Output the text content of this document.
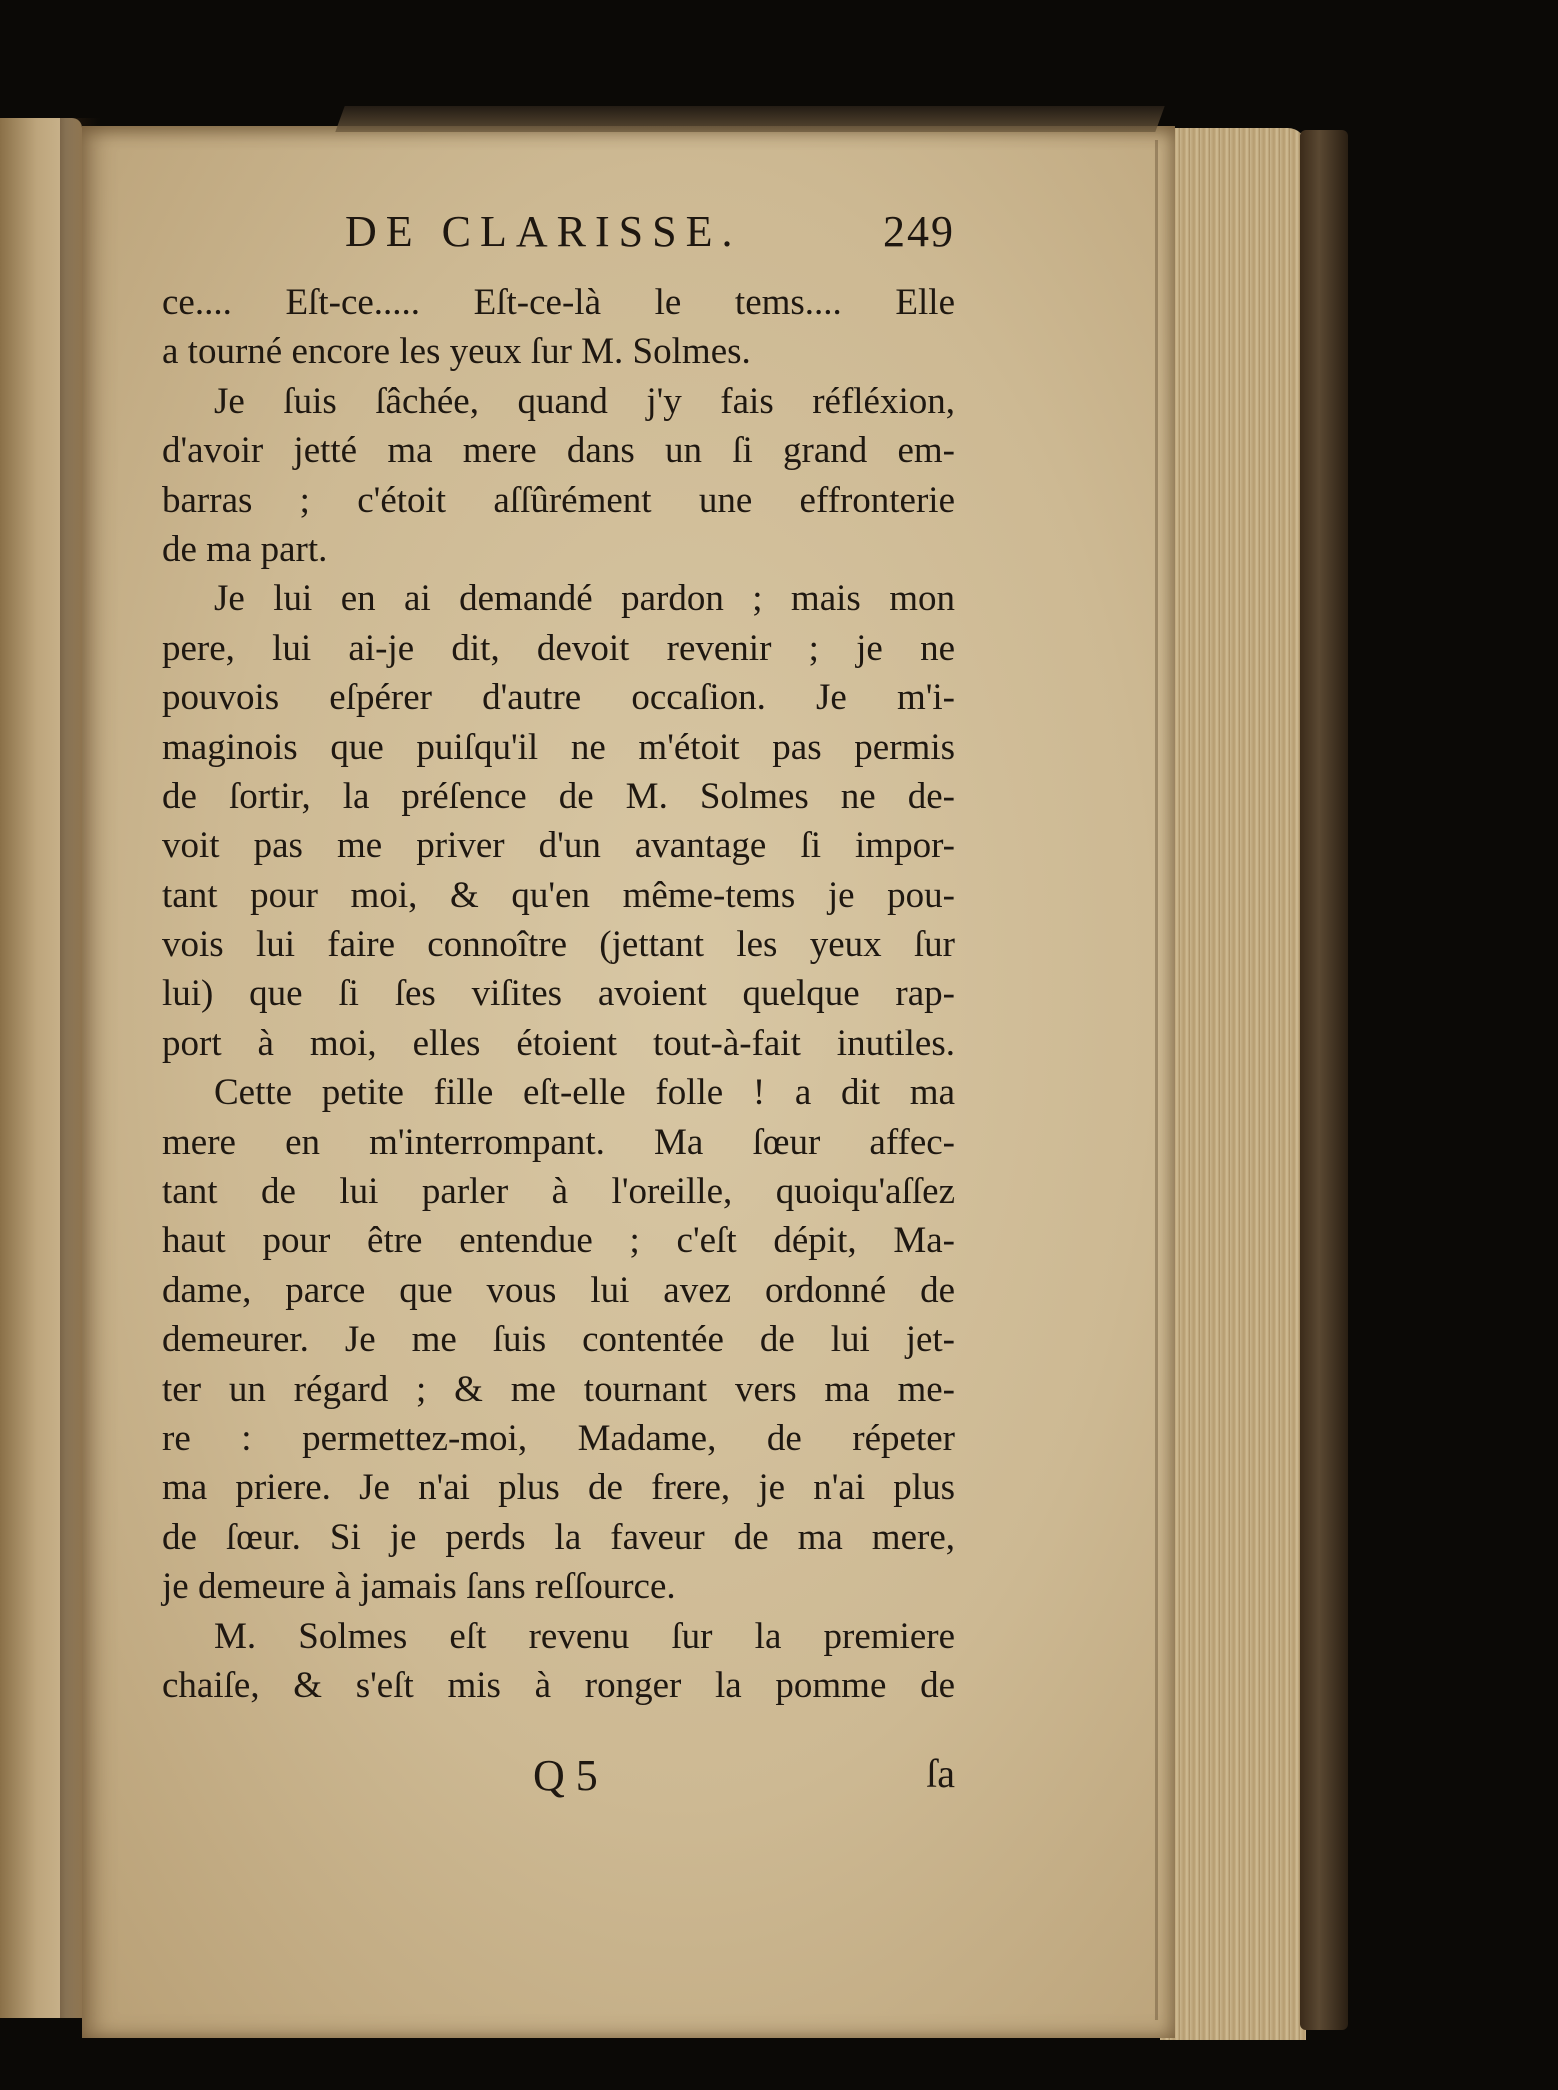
DE CLARISSE.	249
ce.... Eſt-ce..... Eſt-ce-là le tems.... Elle
a tourné encore les yeux ſur M. Solmes.
Je ſuis ſâchée, quand j'y fais réfléxion,
d'avoir jetté ma mere dans un ſi grand em-
barras ; c'étoit aſſûrément une effronterie
de ma part.
Je lui en ai demandé pardon ; mais mon
pere, lui ai-je dit, devoit revenir ; je ne
pouvois eſpérer d'autre occaſion. Je m'i-
maginois que puiſqu'il ne m'étoit pas permis
de ſortir, la préſence de M. Solmes ne de-
voit pas me priver d'un avantage ſi impor-
tant pour moi, & qu'en même-tems je pou-
vois lui faire connoître (jettant les yeux ſur
lui) que ſi ſes viſites avoient quelque rap-
port à moi, elles étoient tout-à-fait inutiles.
Cette petite fille eſt-elle folle ! a dit ma
mere en m'interrompant. Ma ſœur affec-
tant de lui parler à l'oreille, quoiqu'aſſez
haut pour être entendue ; c'eſt dépit, Ma-
dame, parce que vous lui avez ordonné de
demeurer. Je me ſuis contentée de lui jet-
ter un régard ; & me tournant vers ma me-
re : permettez-moi, Madame, de répeter
ma priere. Je n'ai plus de frere, je n'ai plus
de ſœur. Si je perds la faveur de ma mere,
je demeure à jamais ſans reſſource.
M. Solmes eſt revenu ſur la premiere
chaiſe, & s'eſt mis à ronger la pomme de
Q 5	ſa
